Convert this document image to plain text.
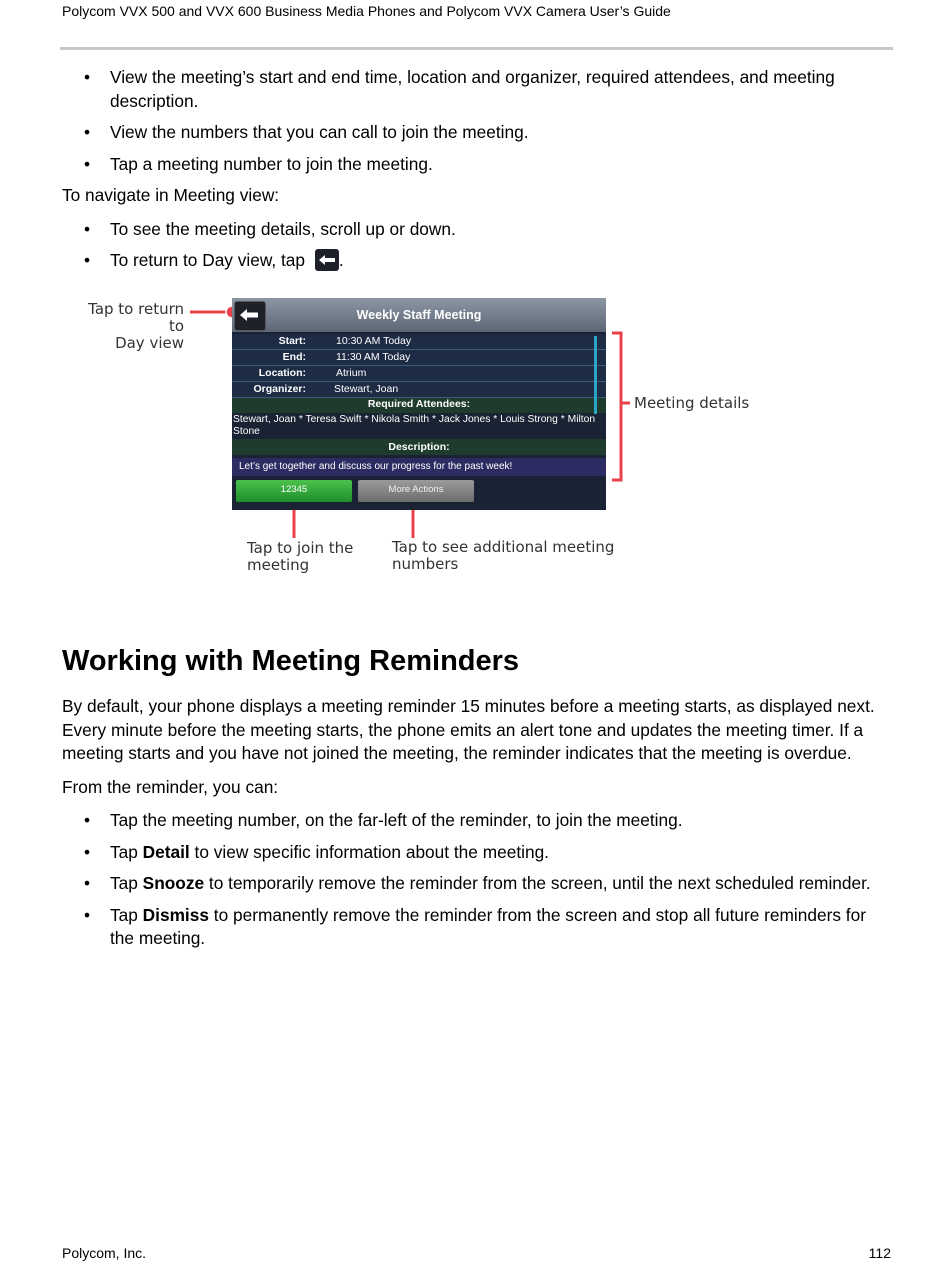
Polycom VVX 500 and VVX 600 Business Media Phones and Polycom VVX Camera User’s Guide
• View the meeting’s start and end time, location and organizer, required attendees, and meeting description.
• View the numbers that you can call to join the meeting.
• Tap a meeting number to join the meeting.

To navigate in Meeting view:

• To see the meeting details, scroll up or down.
• To return to Day view, tap .
Weekly Staff Meeting
Start:	10:30 AM Today
End:	11:30 AM Today
Location:	Atrium
Organizer:	Stewart, Joan
Required Attendees:
Stewart, Joan * Teresa Swift * Nikola Smith * Jack Jones * Louis Strong * Milton Stone
Description:
Let’s get together and discuss our progress for the past week!
12345	More Actions
Tap to return to
Day view
Meeting details
Tap to join the
meeting
Tap to see additional meeting
numbers
Working with Meeting Reminders

By default, your phone displays a meeting reminder 15 minutes before a meeting starts, as displayed next. Every minute before the meeting starts, the phone emits an alert tone and updates the meeting timer. If a meeting starts and you have not joined the meeting, the reminder indicates that the meeting is overdue.

From the reminder, you can:

• Tap the meeting number, on the far-left of the reminder, to join the meeting.
• Tap Detail to view specific information about the meeting.
• Tap Snooze to temporarily remove the reminder from the screen, until the next scheduled reminder.
• Tap Dismiss to permanently remove the reminder from the screen and stop all future reminders for the meeting.
Polycom, Inc.	112
